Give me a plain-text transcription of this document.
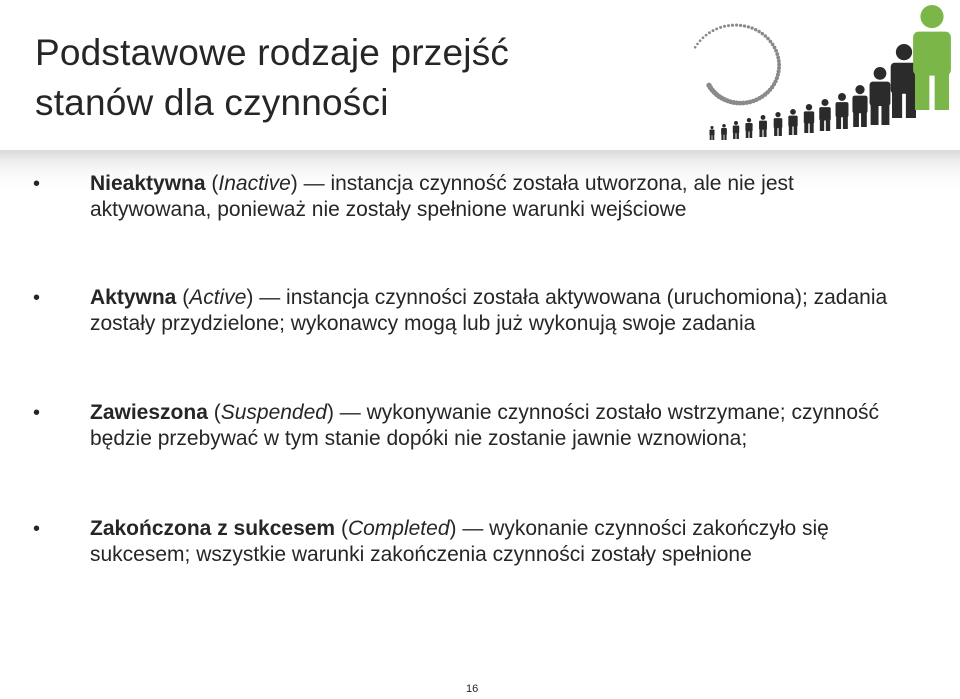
Podstawowe rodzaje przejść
stanów dla czynności
• Nieaktywna (Inactive) — instancja czynność została utworzona, ale nie jest aktywowana, ponieważ nie zostały spełnione warunki wejściowe
• Aktywna (Active) — instancja czynności została aktywowana (uruchomiona); zadania zostały przydzielone; wykonawcy mogą lub już wykonują swoje zadania
• Zawieszona (Suspended) — wykonywanie czynności zostało wstrzymane; czynność będzie przebywać w tym stanie dopóki nie zostanie jawnie wznowiona;
• Zakończona z sukcesem (Completed) — wykonanie czynności zakończyło się sukcesem; wszystkie warunki zakończenia czynności zostały spełnione
16
